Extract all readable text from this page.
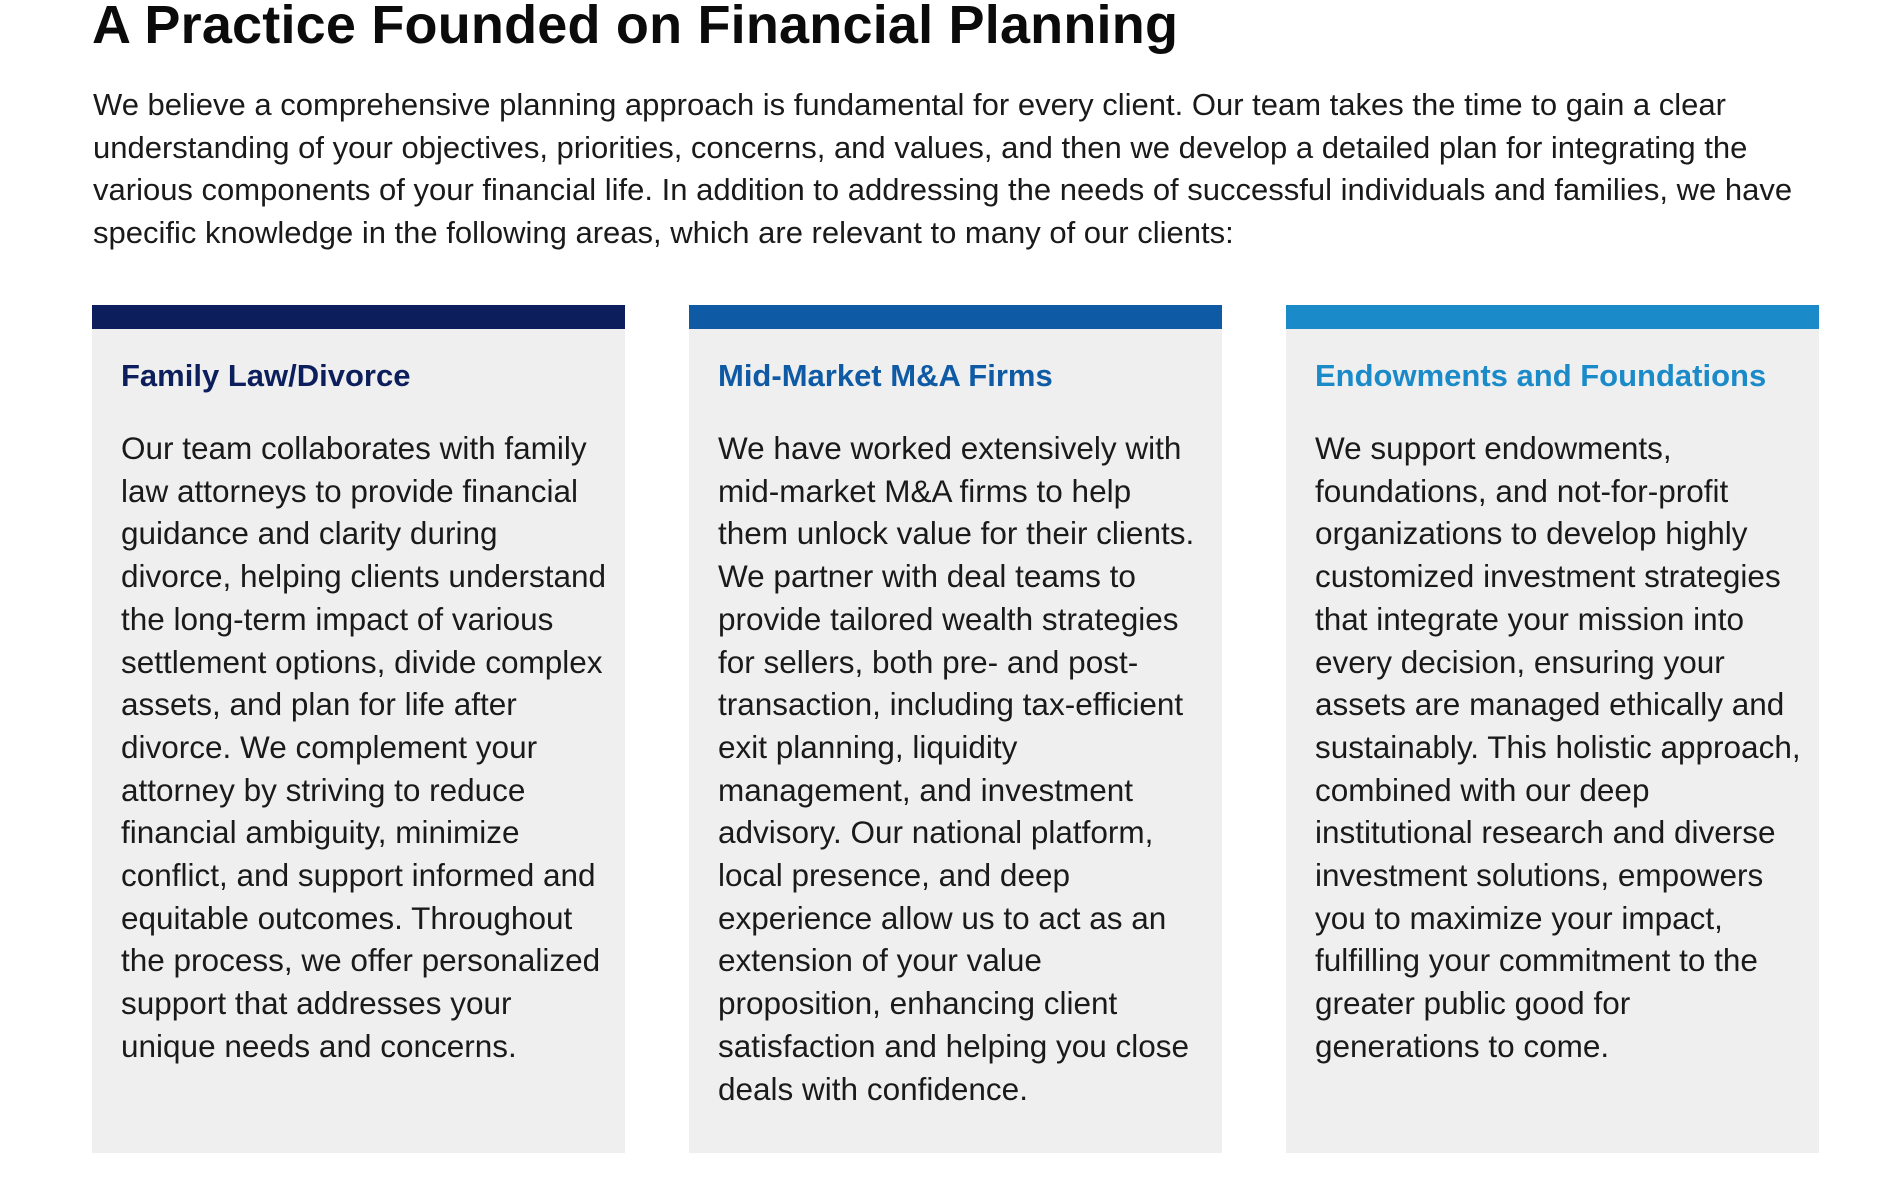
A Practice Founded on Financial Planning

We believe a comprehensive planning approach is fundamental for every client. Our team takes the time to gain a clear understanding of your objectives, priorities, concerns, and values, and then we develop a detailed plan for integrating the various components of your financial life. In addition to addressing the needs of successful individuals and families, we have specific knowledge in the following areas, which are relevant to many of our clients:

Family Law/Divorce

Our team collaborates with family law attorneys to provide financial guidance and clarity during divorce, helping clients understand the long-term impact of various settlement options, divide complex assets, and plan for life after divorce. We complement your attorney by striving to reduce financial ambiguity, minimize conflict, and support informed and equitable outcomes. Throughout the process, we offer personalized support that addresses your unique needs and concerns.

Mid-Market M&A Firms

We have worked extensively with mid-market M&A firms to help them unlock value for their clients. We partner with deal teams to provide tailored wealth strategies for sellers, both pre- and post-transaction, including tax-efficient exit planning, liquidity management, and investment advisory. Our national platform, local presence, and deep experience allow us to act as an extension of your value proposition, enhancing client satisfaction and helping you close deals with confidence.

Endowments and Foundations

We support endowments, foundations, and not-for-profit organizations to develop highly customized investment strategies that integrate your mission into every decision, ensuring your assets are managed ethically and sustainably. This holistic approach, combined with our deep institutional research and diverse investment solutions, empowers you to maximize your impact, fulfilling your commitment to the greater public good for generations to come.
